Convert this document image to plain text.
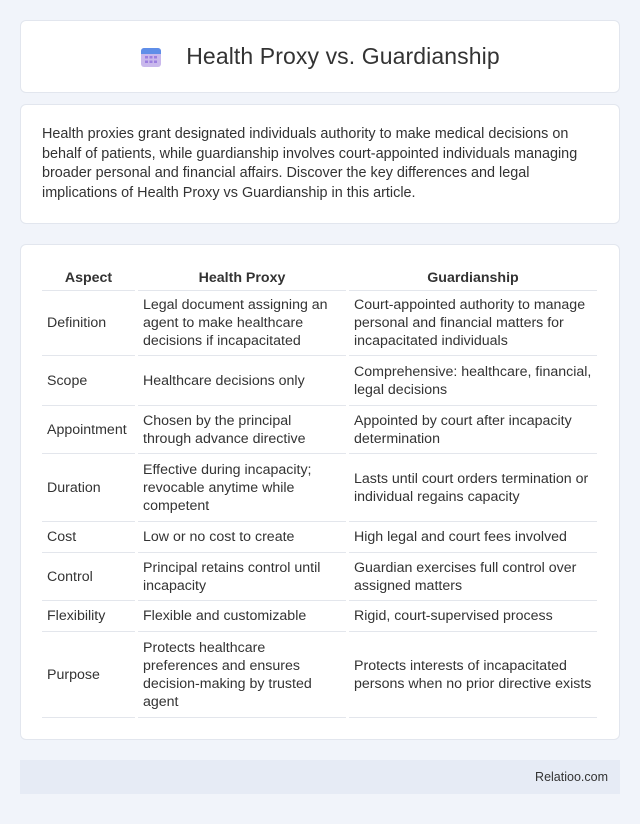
Health Proxy vs. Guardianship

Health proxies grant designated individuals authority to make medical decisions on behalf of patients, while guardianship involves court-appointed individuals managing broader personal and financial affairs. Discover the key differences and legal implications of Health Proxy vs Guardianship in this article.

Aspect	Health Proxy	Guardianship
Definition	Legal document assigning an agent to make healthcare decisions if incapacitated	Court-appointed authority to manage personal and financial matters for incapacitated individuals
Scope	Healthcare decisions only	Comprehensive: healthcare, financial, legal decisions
Appointment	Chosen by the principal through advance directive	Appointed by court after incapacity determination
Duration	Effective during incapacity; revocable anytime while competent	Lasts until court orders termination or individual regains capacity
Cost	Low or no cost to create	High legal and court fees involved
Control	Principal retains control until incapacity	Guardian exercises full control over assigned matters
Flexibility	Flexible and customizable	Rigid, court-supervised process
Purpose	Protects healthcare preferences and ensures decision-making by trusted agent	Protects interests of incapacitated persons when no prior directive exists
Relatioo.com
